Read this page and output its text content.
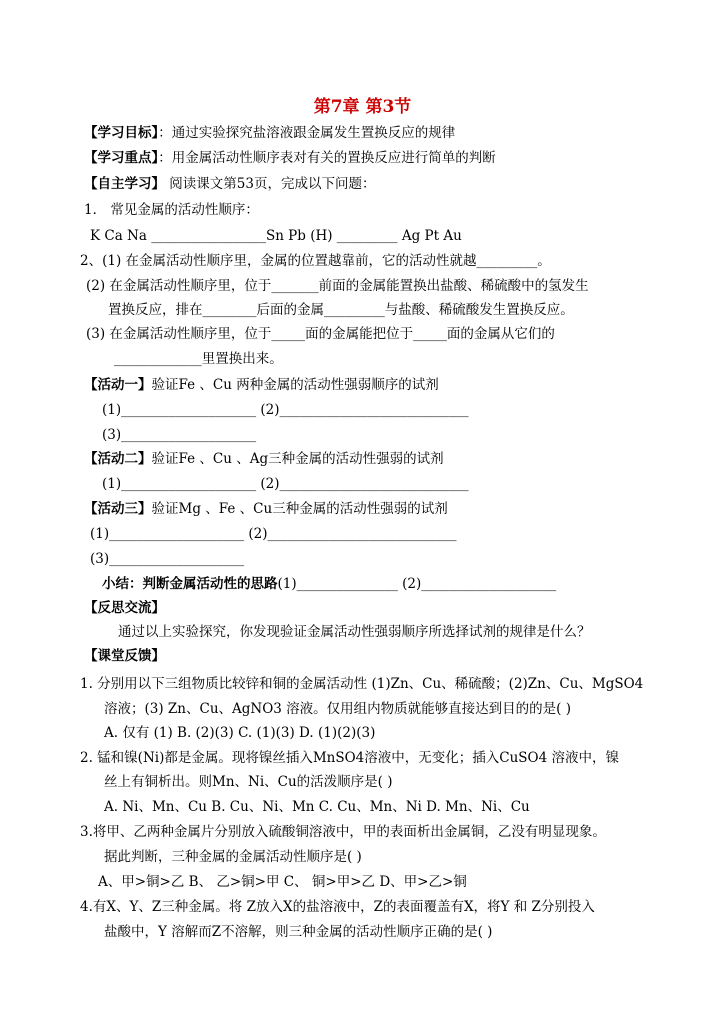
第7章 第3节
【学习目标】：通过实验探究盐溶液跟金属发生置换反应的规律
【学习重点】：用金属活动性顺序表对有关的置换反应进行简单的判断
【自主学习】 阅读课文第53页，完成以下问题：
1． 常见金属的活动性顺序：
K Ca Na _________________Sn Pb (H) _________ Ag Pt Au
2、(1) 在金属活动性顺序里，金属的位置越靠前，它的活动性就越_________。
(2) 在金属活动性顺序里，位于_______前面的金属能置换出盐酸、稀硫酸中的氢发生
置换反应，排在________后面的金属_________与盐酸、稀硫酸发生置换反应。
(3) 在金属活动性顺序里，位于_____面的金属能把位于_____面的金属从它们的
_____________里置换出来。
【活动一】验证Fe 、Cu 两种金属的活动性强弱顺序的试剂
(1)____________________ (2)____________________________
(3)____________________
【活动二】验证Fe 、Cu 、Ag三种金属的活动性强弱的试剂
(1)____________________ (2)____________________________
【活动三】验证Mg 、Fe 、Cu三种金属的活动性强弱的试剂
(1)____________________ (2)____________________________
(3)____________________
小结：判断金属活动性的思路(1)_______________ (2)____________________
【反思交流】
通过以上实验探究，你发现验证金属活动性强弱顺序所选择试剂的规律是什么？
【课堂反馈】
1. 分别用以下三组物质比较锌和铜的金属活动性 (1)Zn、Cu、稀硫酸；(2)Zn、Cu、MgSO4
溶液；(3) Zn、Cu、AgNO3 溶液。仅用组内物质就能够直接达到目的的是( )
A. 仅有 (1) B. (2)(3) C. (1)(3) D. (1)(2)(3)
2. 锰和镍(Ni)都是金属。现将镍丝插入MnSO4溶液中，无变化；插入CuSO4 溶液中，镍
丝上有铜析出。则Mn、Ni、Cu的活泼顺序是( )
A. Ni、Mn、Cu B. Cu、Ni、Mn C. Cu、Mn、Ni D. Mn、Ni、Cu
3.将甲、乙两种金属片分别放入硫酸铜溶液中，甲的表面析出金属铜，乙没有明显现象。
据此判断，三种金属的金属活动性顺序是( )
A、甲>铜>乙 B、 乙>铜>甲 C、 铜>甲>乙 D、甲>乙>铜
4.有X、Y、Z三种金属。将 Z放入X的盐溶液中，Z的表面覆盖有X，将Y 和 Z分别投入
盐酸中，Y 溶解而Z不溶解，则三种金属的活动性顺序正确的是( )
